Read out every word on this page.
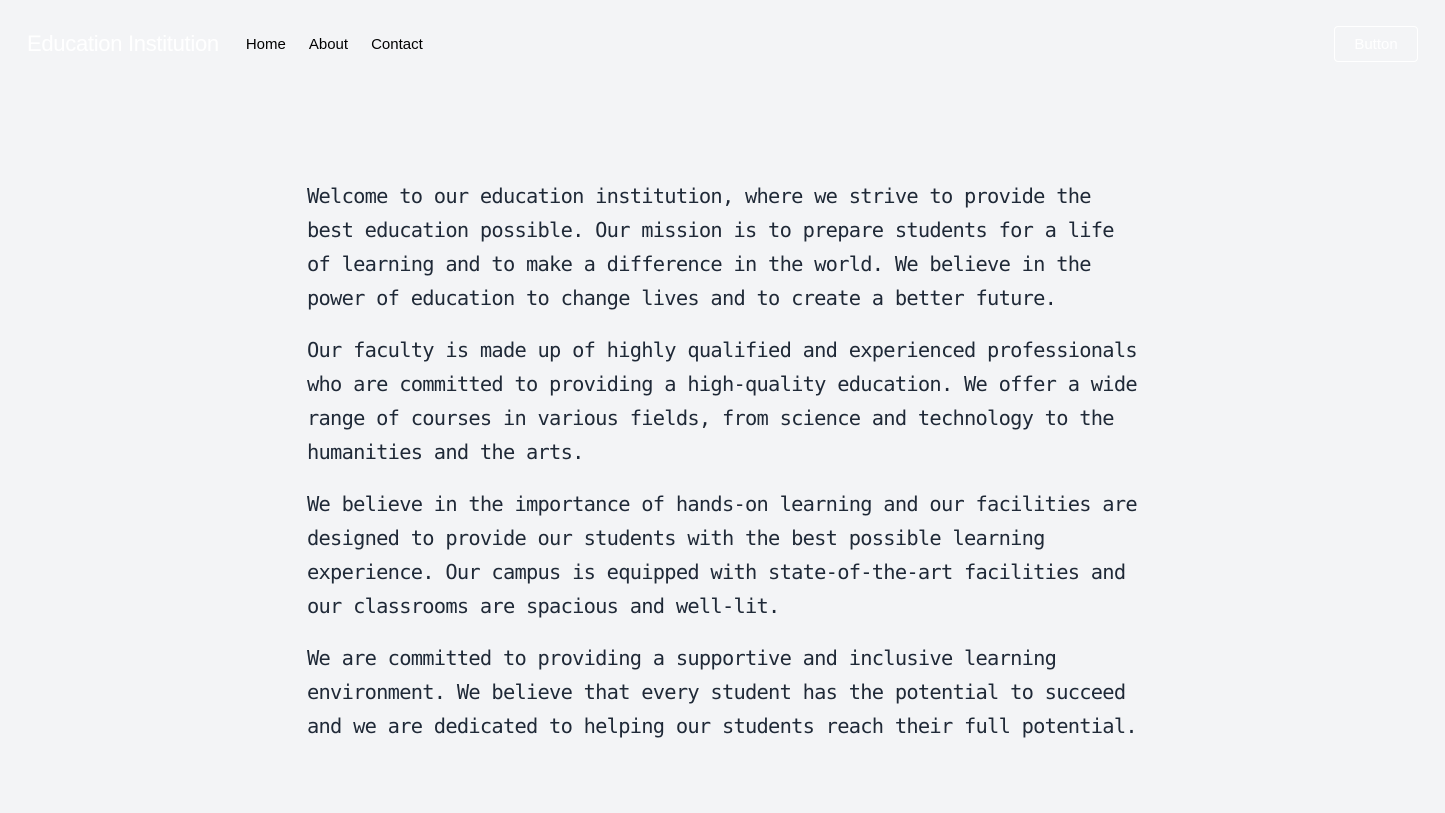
Education Institution Home About Contact	Button

Welcome to our education institution, where we strive to provide the best education possible. Our mission is to prepare students for a life of learning and to make a difference in the world. We believe in the power of education to change lives and to create a better future.

Our faculty is made up of highly qualified and experienced professionals who are committed to providing a high-quality education. We offer a wide range of courses in various fields, from science and technology to the humanities and the arts.

We believe in the importance of hands-on learning and our facilities are designed to provide our students with the best possible learning experience. Our campus is equipped with state-of-the-art facilities and our classrooms are spacious and well-lit.

We are committed to providing a supportive and inclusive learning environment. We believe that every student has the potential to succeed and we are dedicated to helping our students reach their full potential.
